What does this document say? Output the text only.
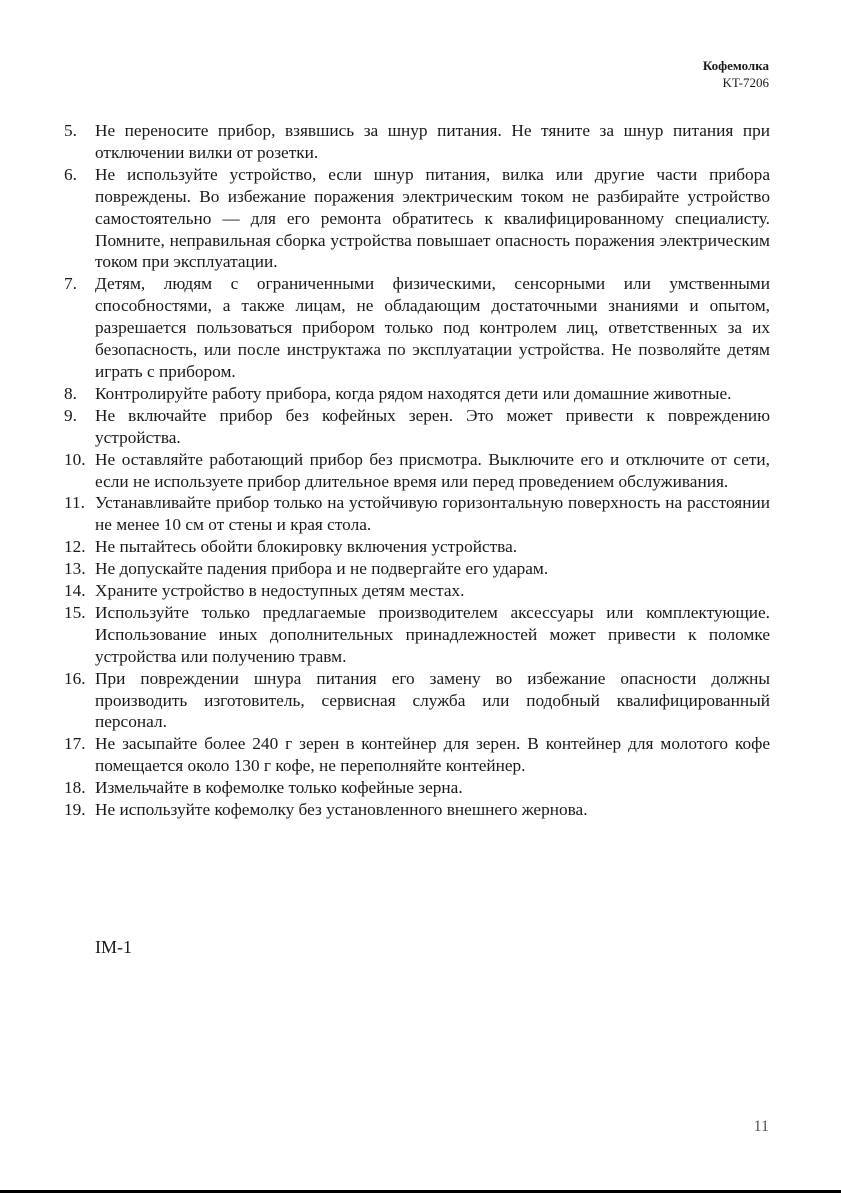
Кофемолка
KT-7206
5.	Не переносите прибор, взявшись за шнур питания. Не тяните за шнур питания при отключении вилки от розетки.
6.	Не используйте устройство, если шнур питания, вилка или другие части прибора повреждены. Во избежание поражения электрическим током не разбирайте устройство самостоятельно — для его ремонта обратитесь к квалифицированному специалисту. Помните, неправильная сборка устройства повышает опасность поражения электрическим током при эксплуатации.
7.	Детям, людям с ограниченными физическими, сенсорными или умственными способностями, а также лицам, не обладающим достаточными знаниями и опытом, разрешается пользоваться прибором только под контролем лиц, ответственных за их безопасность, или после инструктажа по эксплуатации устройства. Не позволяйте детям играть с прибором.
8.	Контролируйте работу прибора, когда рядом находятся дети или домашние животные.
9.	Не включайте прибор без кофейных зерен. Это может привести к повреждению устройства.
10. Не оставляйте работающий прибор без присмотра. Выключите его и отключите от сети, если не используете прибор длительное время или перед проведением обслуживания.
11. Устанавливайте прибор только на устойчивую горизонтальную поверхность на расстоянии не менее 10 см от стены и края стола.
12. Не пытайтесь обойти блокировку включения устройства.
13. Не допускайте падения прибора и не подвергайте его ударам.
14. Храните устройство в недоступных детям местах.
15. Используйте только предлагаемые производителем аксессуары или комплектующие. Использование иных дополнительных принадлежностей может привести к поломке устройства или получению травм.
16. При повреждении шнура питания его замену во избежание опасности должны производить изготовитель, сервисная служба или подобный квалифицированный персонал.
17. Не засыпайте более 240 г зерен в контейнер для зерен. В контейнер для молотого кофе помещается около 130 г кофе, не переполняйте контейнер.
18. Измельчайте в кофемолке только кофейные зерна.
19. Не используйте кофемолку без установленного внешнего жернова.
IM-1
11
